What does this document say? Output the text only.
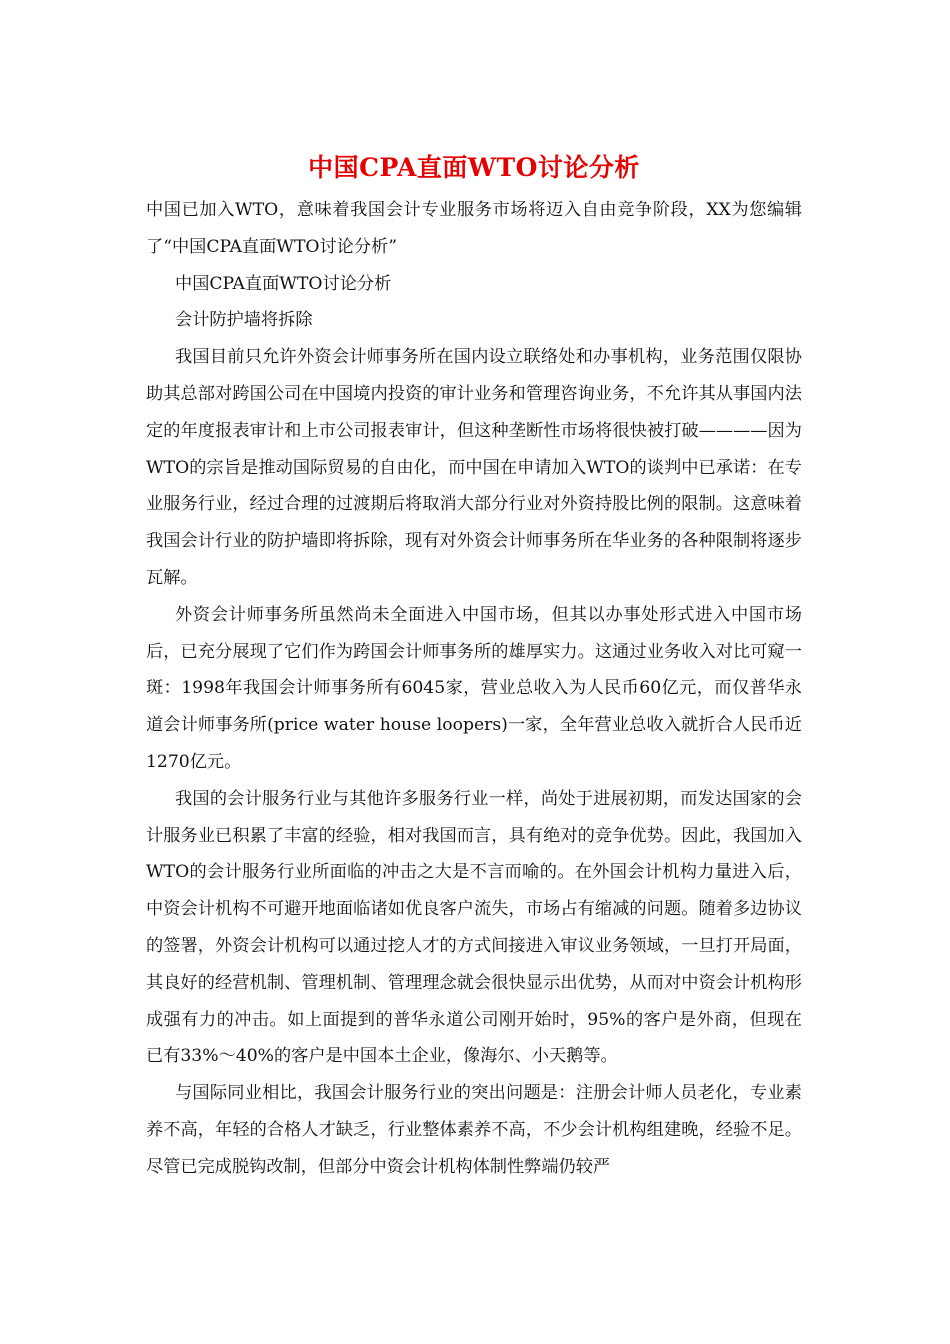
中国CPA直面WTO讨论分析

中国已加入WTO，意味着我国会计专业服务市场将迈入自由竞争阶段，XX为您编辑了“中国CPA直面WTO讨论分析”

中国CPA直面WTO讨论分析

会计防护墙将拆除

我国目前只允许外资会计师事务所在国内设立联络处和办事机构，业务范围仅限协助其总部对跨国公司在中国境内投资的审计业务和管理咨询业务，不允许其从事国内法定的年度报表审计和上市公司报表审计，但这种垄断性市场将很快被打破————因为WTO的宗旨是推动国际贸易的自由化，而中国在申请加入WTO的谈判中已承诺：在专业服务行业，经过合理的过渡期后将取消大部分行业对外资持股比例的限制。这意味着我国会计行业的防护墙即将拆除，现有对外资会计师事务所在华业务的各种限制将逐步瓦解。

外资会计师事务所虽然尚未全面进入中国市场，但其以办事处形式进入中国市场后，已充分展现了它们作为跨国会计师事务所的雄厚实力。这通过业务收入对比可窥一斑：1998年我国会计师事务所有6045家，营业总收入为人民币60亿元，而仅普华永道会计师事务所(price water house loopers)一家，全年营业总收入就折合人民币近1270亿元。

我国的会计服务行业与其他许多服务行业一样，尚处于进展初期，而发达国家的会计服务业已积累了丰富的经验，相对我国而言，具有绝对的竞争优势。因此，我国加入WTO的会计服务行业所面临的冲击之大是不言而喻的。在外国会计机构力量进入后，中资会计机构不可避开地面临诸如优良客户流失，市场占有缩减的问题。随着多边协议的签署，外资会计机构可以通过挖人才的方式间接进入审议业务领域，一旦打开局面，其良好的经营机制、管理机制、管理理念就会很快显示出优势，从而对中资会计机构形成强有力的冲击。如上面提到的普华永道公司刚开始时，95%的客户是外商，但现在已有33%～40%的客户是中国本土企业，像海尔、小天鹅等。

与国际同业相比，我国会计服务行业的突出问题是：注册会计师人员老化，专业素养不高，年轻的合格人才缺乏，行业整体素养不高，不少会计机构组建晚，经验不足。尽管已完成脱钩改制，但部分中资会计机构体制性弊端仍较严
